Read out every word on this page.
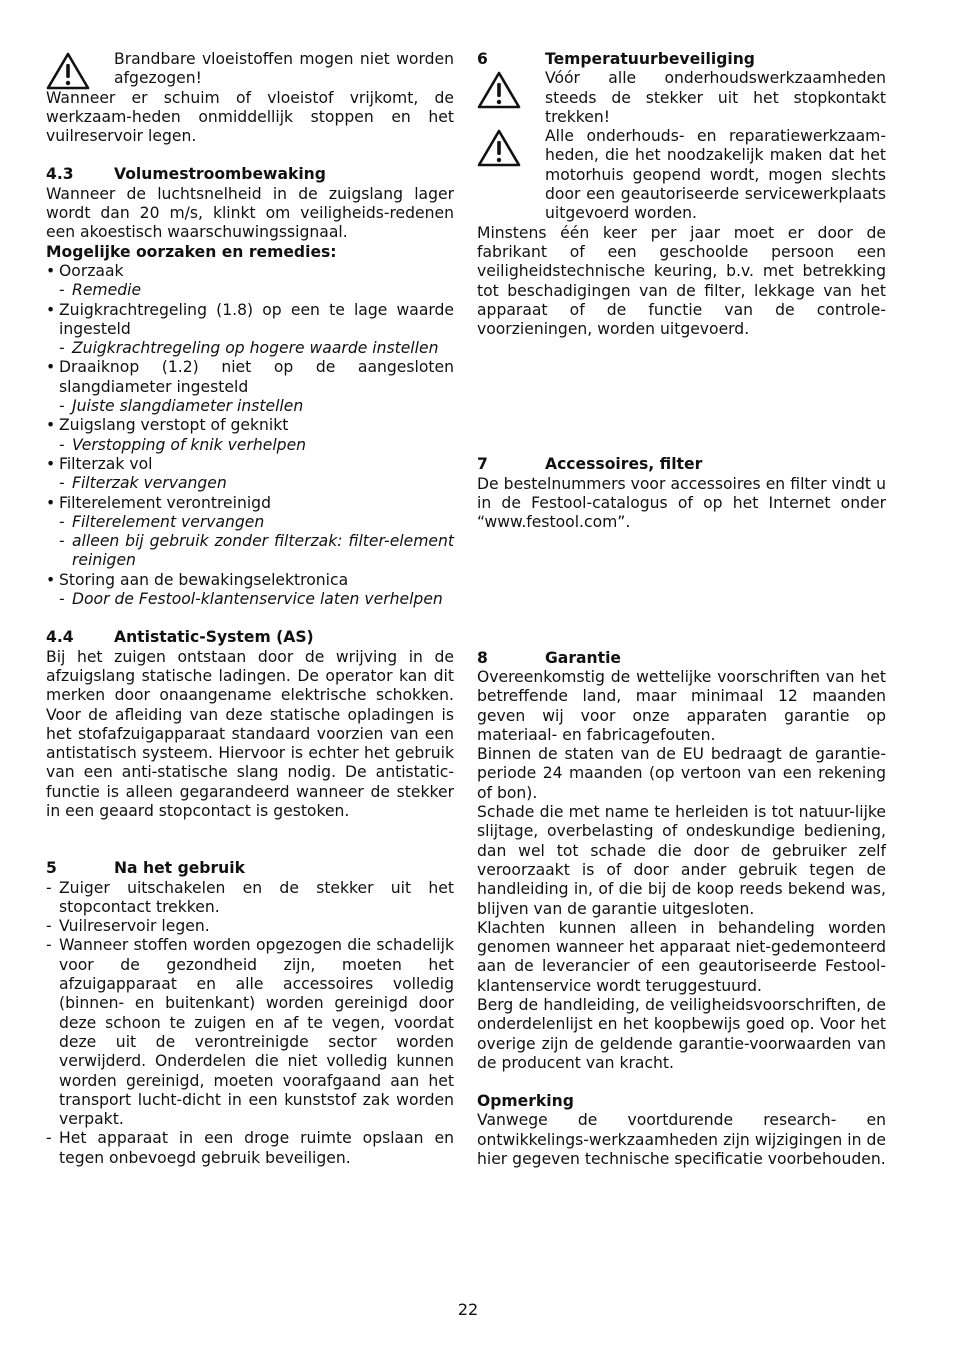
Brandbare vloeistoffen mogen niet worden afgezogen!

Wanneer er schuim of vloeistof vrijkomt, de werkzaam-heden onmiddellijk stoppen en het vuilreservoir legen.

4.3	Volumestroombewaking

Wanneer de luchtsnelheid in de zuigslang lager wordt dan 20 m/s, klinkt om veiligheids-redenen een akoestisch waarschuwingssignaal.

Mogelijke oorzaken en remedies:

• Oorzaak
- Remedie
• Zuigkrachtregeling (1.8) op een te lage waarde ingesteld
- Zuigkrachtregeling op hogere waarde instellen
• Draaiknop (1.2) niet op de aangesloten slangdiameter ingesteld
- Juiste slangdiameter instellen
• Zuigslang verstopt of geknikt
- Verstopping of knik verhelpen
• Filterzak vol
- Filterzak vervangen
• Filterelement verontreinigd
- Filterelement vervangen
- alleen bij gebruik zonder filterzak: filter-element reinigen
• Storing aan de bewakingselektronica
- Door de Festool-klantenservice laten verhelpen
4.4	Antistatic-System (AS)

Bij het zuigen ontstaan door de wrijving in de afzuigslang statische ladingen. De operator kan dit merken door onaangename elektrische schokken. Voor de afleiding van deze statische opladingen is het stofafzuigapparaat standaard voorzien van een antistatisch systeem. Hiervoor is echter het gebruik van een anti-statische slang nodig. De antistatic-functie is alleen gegarandeerd wanneer de stekker in een geaard stopcontact is gestoken.

5	Na het gebruik
- Zuiger uitschakelen en de stekker uit het stopcontact trekken.
- Vuilreservoir legen.
- Wanneer stoffen worden opgezogen die schadelijk voor de gezondheid zijn, moeten het afzuigapparaat en alle accessoires volledig (binnen- en buitenkant) worden gereinigd door deze schoon te zuigen en af te vegen, voordat deze uit de verontreinigde sector worden verwijderd. Onderdelen die niet volledig kunnen worden gereinigd, moeten voorafgaand aan het transport lucht-dicht in een kunststof zak worden verpakt.
- Het apparaat in een droge ruimte opslaan en tegen onbevoegd gebruik beveiligen.
6	Temperatuurbeveiliging

Vóór alle onderhoudswerkzaamheden steeds de stekker uit het stopkontakt trekken!

Alle onderhouds- en reparatiewerkzaam-heden, die het noodzakelijk maken dat het motorhuis geopend wordt, mogen slechts door een geautoriseerde servicewerkplaats uitgevoerd worden.

Minstens één keer per jaar moet er door de fabrikant of een geschoolde persoon een veiligheidstechnische keuring, b.v. met betrekking tot beschadigingen van de filter, lekkage van het apparaat of de functie van de controle-voorzieningen, worden uitgevoerd.

7	Accessoires, filter

De bestelnummers voor accessoires en filter vindt u in de Festool-catalogus of op het Internet onder “www.festool.com”.

8	Garantie

Overeenkomstig de wettelijke voorschriften van het betreffende land, maar minimaal 12 maanden geven wij voor onze apparaten garantie op materiaal- en fabricagefouten.

Binnen de staten van de EU bedraagt de garantie-periode 24 maanden (op vertoon van een rekening of bon).

Schade die met name te herleiden is tot natuur-lijke slijtage, overbelasting of ondeskundige bediening, dan wel tot schade die door de gebruiker zelf veroorzaakt is of door ander gebruik tegen de handleiding in, of die bij de koop reeds bekend was, blijven van de garantie uitgesloten.

Klachten kunnen alleen in behandeling worden genomen wanneer het apparaat niet-gedemonteerd aan de leverancier of een geautoriseerde Festool-klantenservice wordt teruggestuurd.

Berg de handleiding, de veiligheidsvoorschriften, de onderdelenlijst en het koopbewijs goed op. Voor het overige zijn de geldende garantie-voorwaarden van de producent van kracht.

Opmerking

Vanwege de voortdurende research- en ontwikkelings-werkzaamheden zijn wijzigingen in de hier gegeven technische specificatie voorbehouden.

22
